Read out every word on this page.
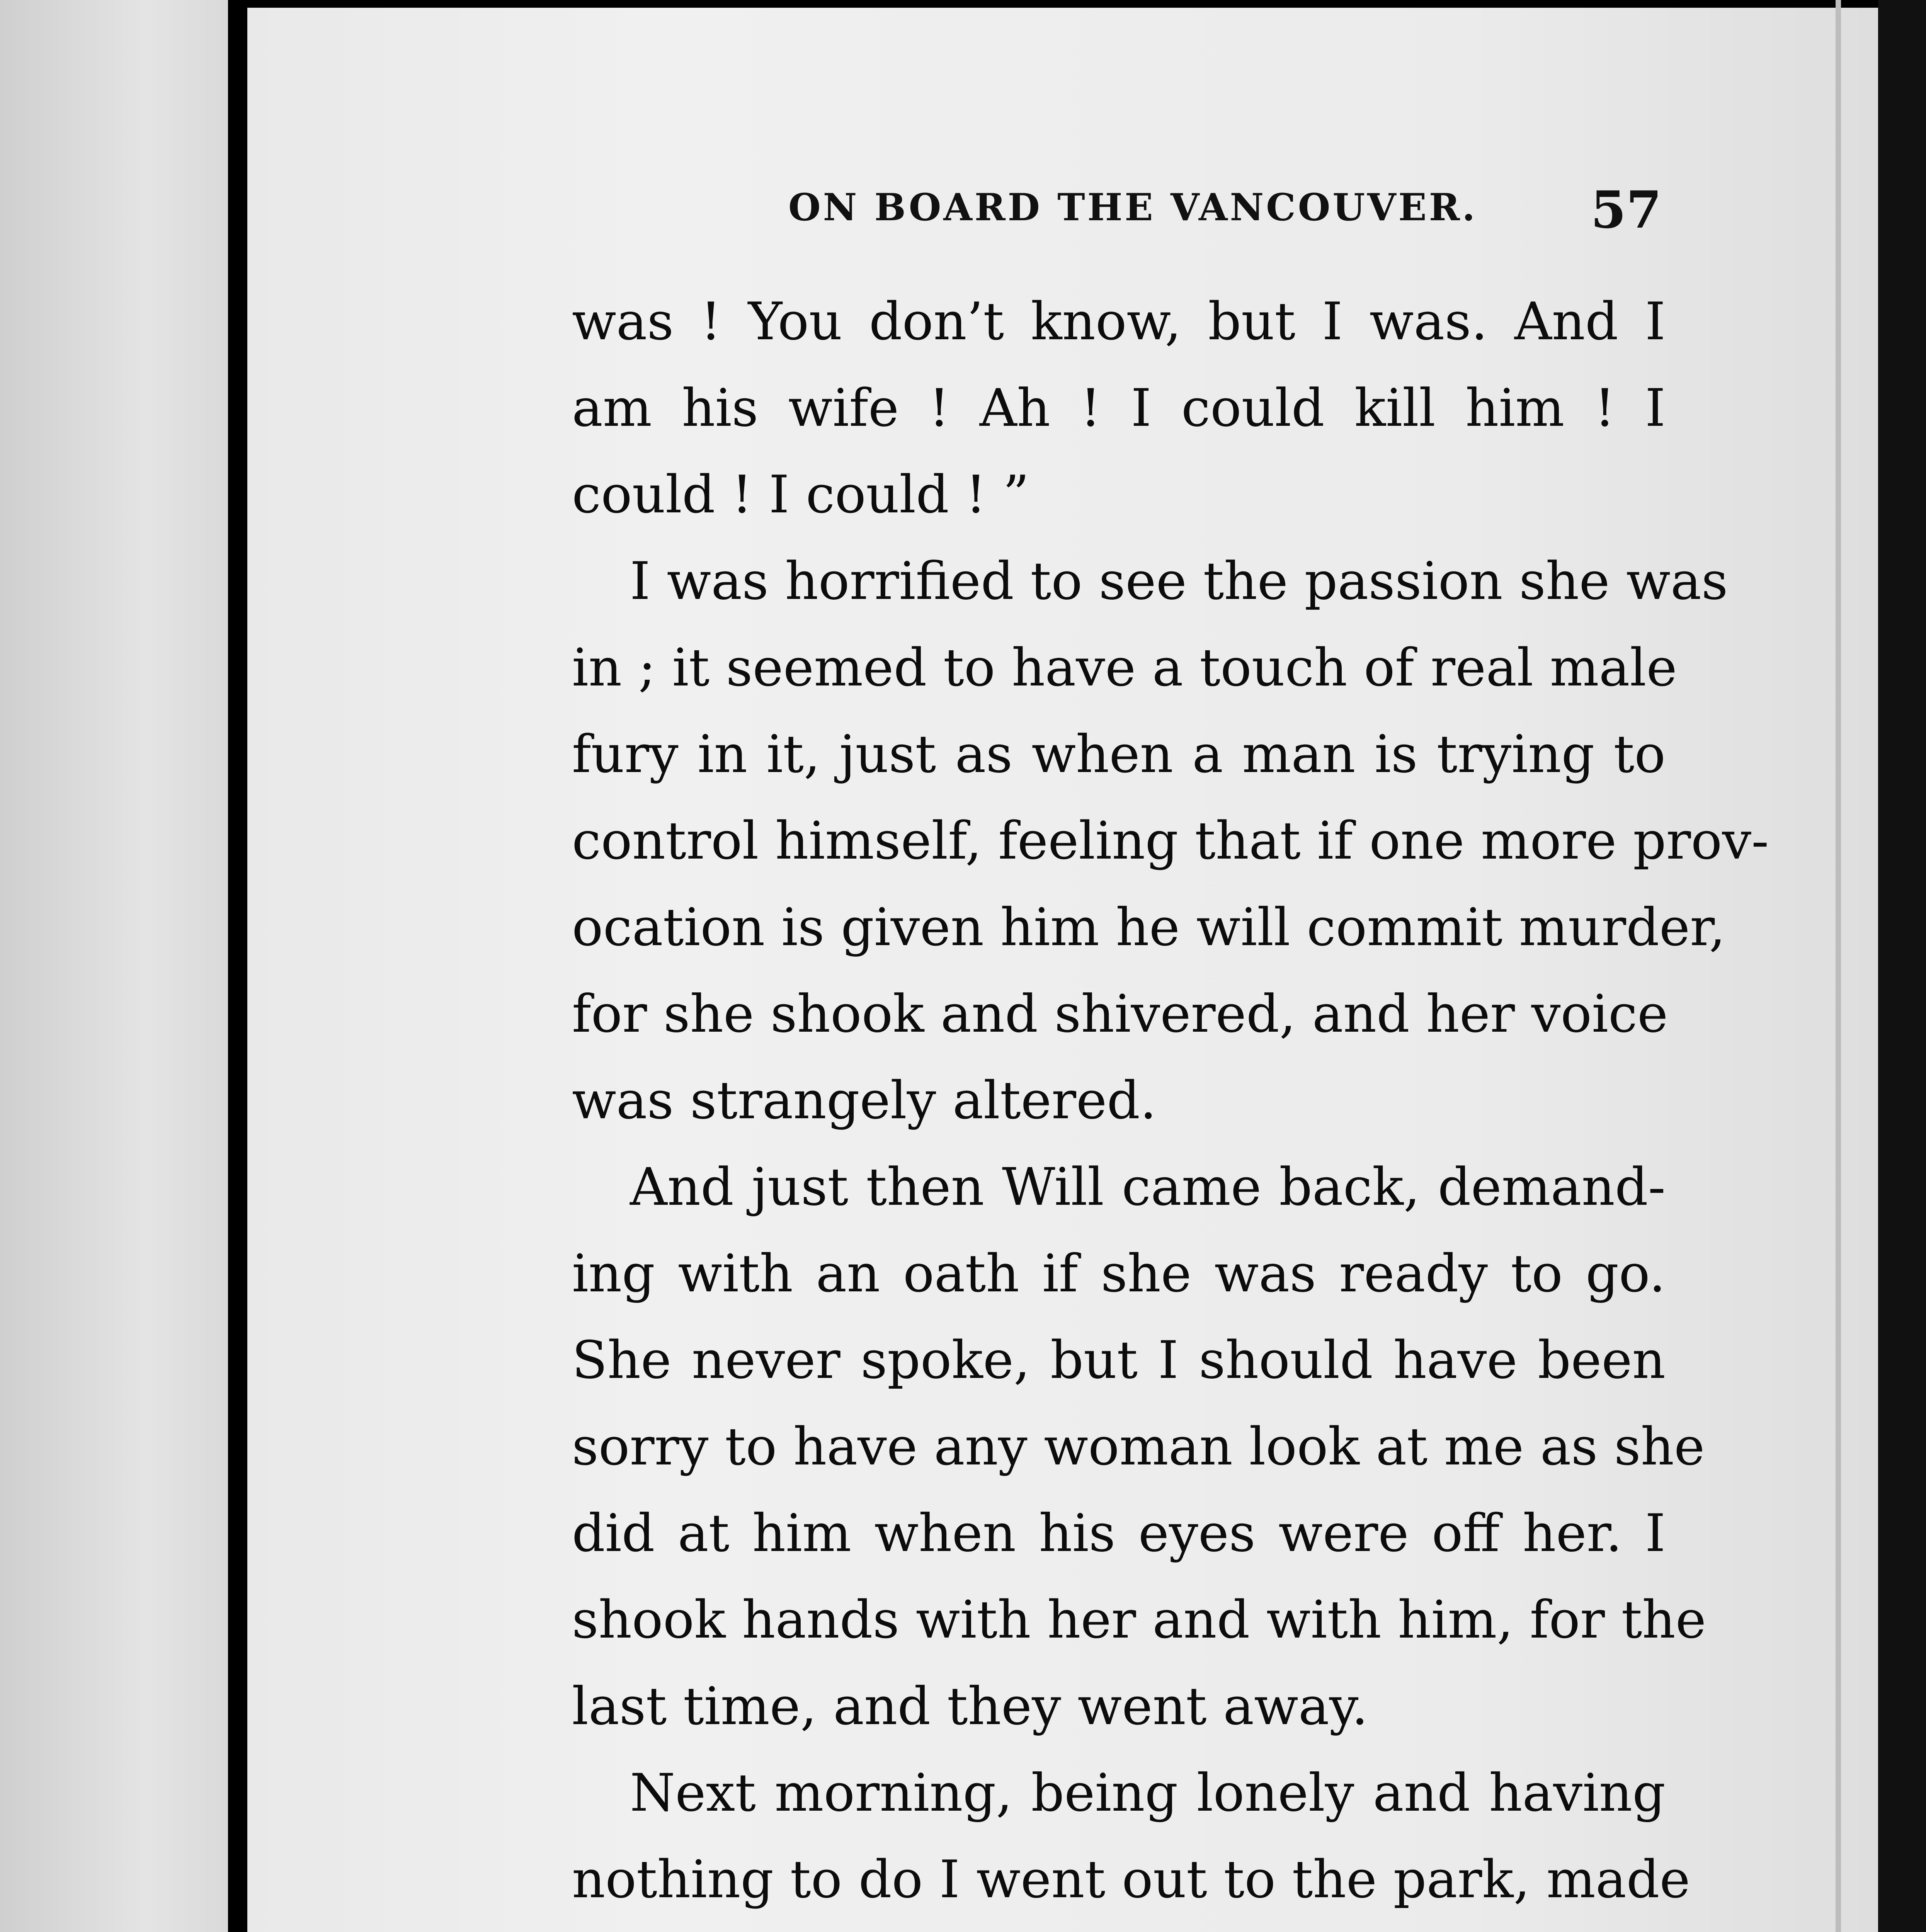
ON BOARD THE VANCOUVER. 57
was ! You don’t know, but I was. And I
am his wife ! Ah ! I could kill him ! I
could ! I could ! ”
I was horrified to see the passion she was
in ; it seemed to have a touch of real male
fury in it, just as when a man is trying to
control himself, feeling that if one more prov-
ocation is given him he will commit murder,
for she shook and shivered, and her voice
was strangely altered.
And just then Will came back, demand-
ing with an oath if she was ready to go.
She never spoke, but I should have been
sorry to have any woman look at me as she
did at him when his eyes were off her. I
shook hands with her and with him, for the
last time, and they went away.
Next morning, being lonely and having
nothing to do I went out to the park, made
